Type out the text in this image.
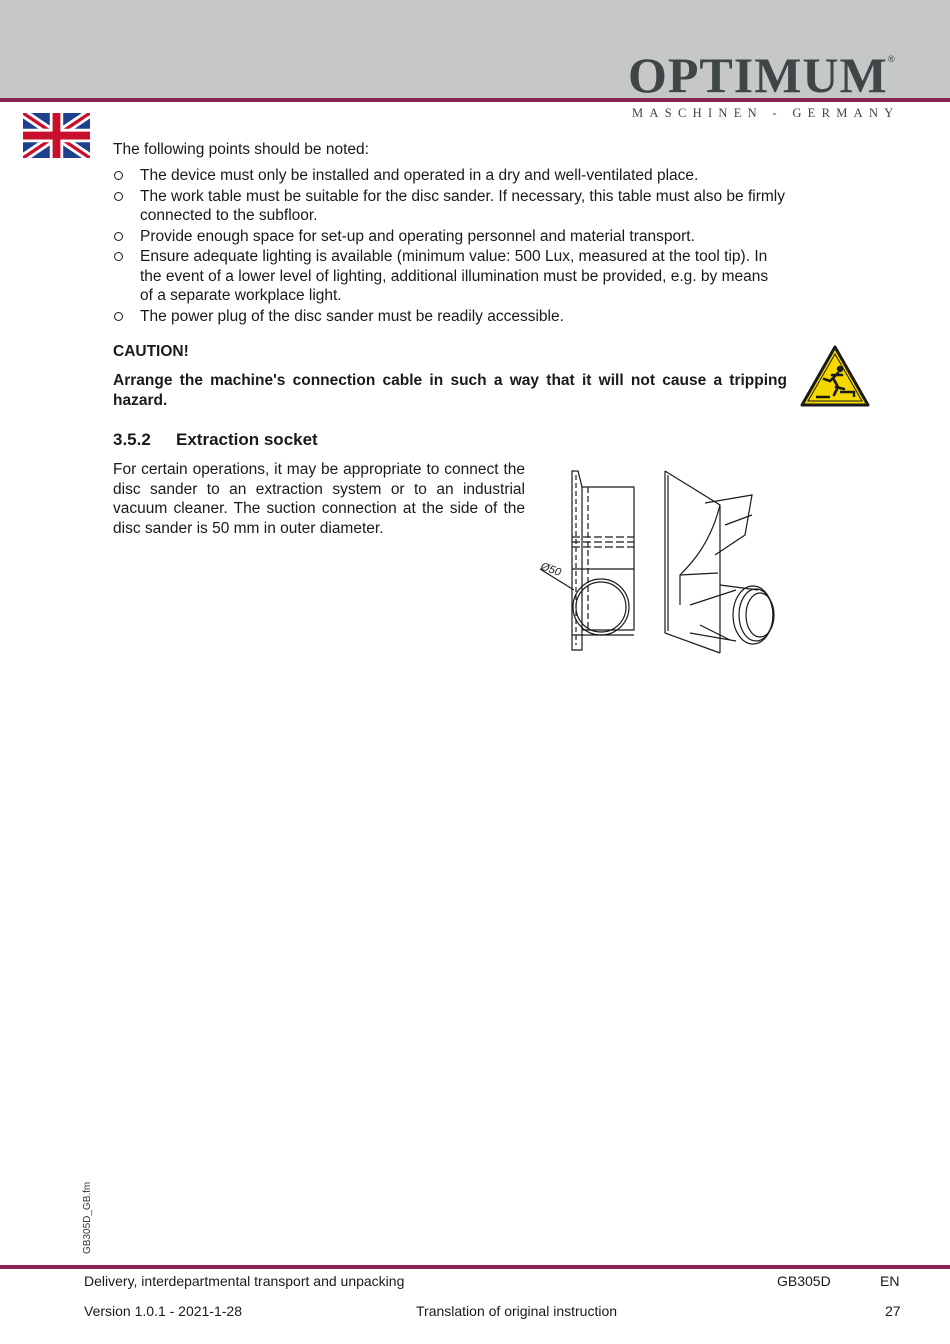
OPTIMUM ®
MASCHINEN - GERMANY

The following points should be noted:

The device must only be installed and operated in a dry and well-ventilated place.
The work table must be suitable for the disc sander. If necessary, this table must also be firmly connected to the subfloor.
Provide enough space for set-up and operating personnel and material transport.
Ensure adequate lighting is available (minimum value: 500 Lux, measured at the tool tip). In the event of a lower level of lighting, additional illumination must be provided, e.g. by means of a separate workplace light.
The power plug of the disc sander must be readily accessible.

CAUTION!

Arrange the machine's connection cable in such a way that it will not cause a tripping hazard.

3.5.2 Extraction socket

For certain operations, it may be appropriate to connect the disc sander to an extraction system or to an industrial vacuum cleaner. The suction connection at the side of the disc sander is 50 mm in outer diameter.

Ø50
GB305D_GB.fm
Delivery, interdepartmental transport and unpacking	GB305D	EN
Version 1.0.1 - 2021-1-28	Translation of original instruction	27
